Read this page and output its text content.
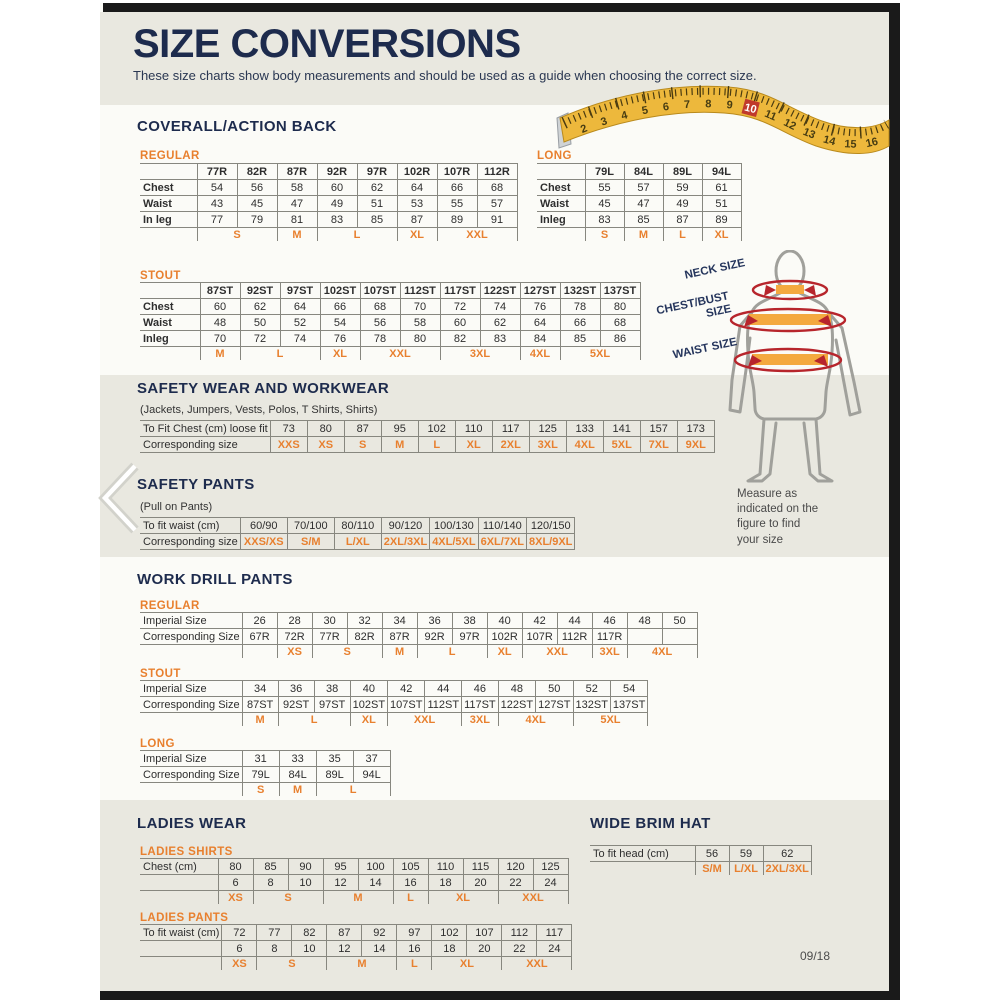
SIZE CONVERSIONS
These size charts show body measurements and should be used as a guide when choosing the correct size.
2
3 4 5 6 7 8 9 10 11
12
13 14 15 16
COVERALL/ACTION BACK
REGULAR
	77R	82R	87R	92R	97R	102R	107R	112R
Chest	54	56	58	60	62	64	66	68
Waist	43	45	47	49	51	53	55	57
In leg	77	79	81	83	85	87	89	91
	S		M	L		XL	XXL	
LONG
	79L	84L	89L	94L
Chest	55	57	59	61
Waist	45	47	49	51
Inleg	83	85	87	89
	S	M	L	XL
STOUT
	87ST	92ST	97ST	102ST	107ST	112ST	117ST	122ST	127ST	132ST	137ST
Chest	60	62	64	66	68	70	72	74	76	78	80
Waist	48	50	52	54	56	58	60	62	64	66	68
Inleg	70	72	74	76	78	80	82	83	84	85	86
	M	L		XL	XXL		3XL		4XL	5XL	
NECK SIZE
CHEST/BUST SIZE
WAIST SIZE
Measure as indicated on the figure to find your size
SAFETY WEAR AND WORKWEAR
(Jackets, Jumpers, Vests, Polos, T Shirts, Shirts)
To Fit Chest (cm) loose fit	73	80	87	95	102	110	117	125	133	141	157	173
Corresponding size	XXS	XS	S	M	L	XL	2XL	3XL	4XL	5XL	7XL	9XL
SAFETY PANTS
(Pull on Pants)
To fit waist (cm)	60/90	70/100	80/110	90/120	100/130	110/140	120/150
Corresponding size	XXS/XS	S/M	L/XL	2XL/3XL	4XL/5XL	6XL/7XL	8XL/9XL
WORK DRILL PANTS
REGULAR
Imperial Size	26	28	30	32	34	36	38	40	42	44	46	48	50
Corresponding Size	67R	72R	77R	82R	87R	92R	97R	102R	107R	112R	117R		
		XS	S		M	L		XL	XXL		3XL	4XL	
STOUT
Imperial Size	34	36	38	40	42	44	46	48	50	52	54
Corresponding Size	87ST	92ST	97ST	102ST	107ST	112ST	117ST	122ST	127ST	132ST	137ST
	M	L		XL	XXL		3XL	4XL		5XL	
LONG
Imperial Size	31	33	35	37
Corresponding Size	79L	84L	89L	94L
	S	M	L	
LADIES WEAR
LADIES SHIRTS
Chest (cm)	80	85	90	95	100	105	110	115	120	125
	6	8	10	12	14	16	18	20	22	24
	XS	S		M		L	XL		XXL	
LADIES PANTS
To fit waist (cm)	72	77	82	87	92	97	102	107	112	117
	6	8	10	12	14	16	18	20	22	24
	XS	S		M		L	XL		XXL	
WIDE BRIM HAT
To fit head (cm)	56	59	62
	S/M	L/XL	2XL/3XL
09/18
